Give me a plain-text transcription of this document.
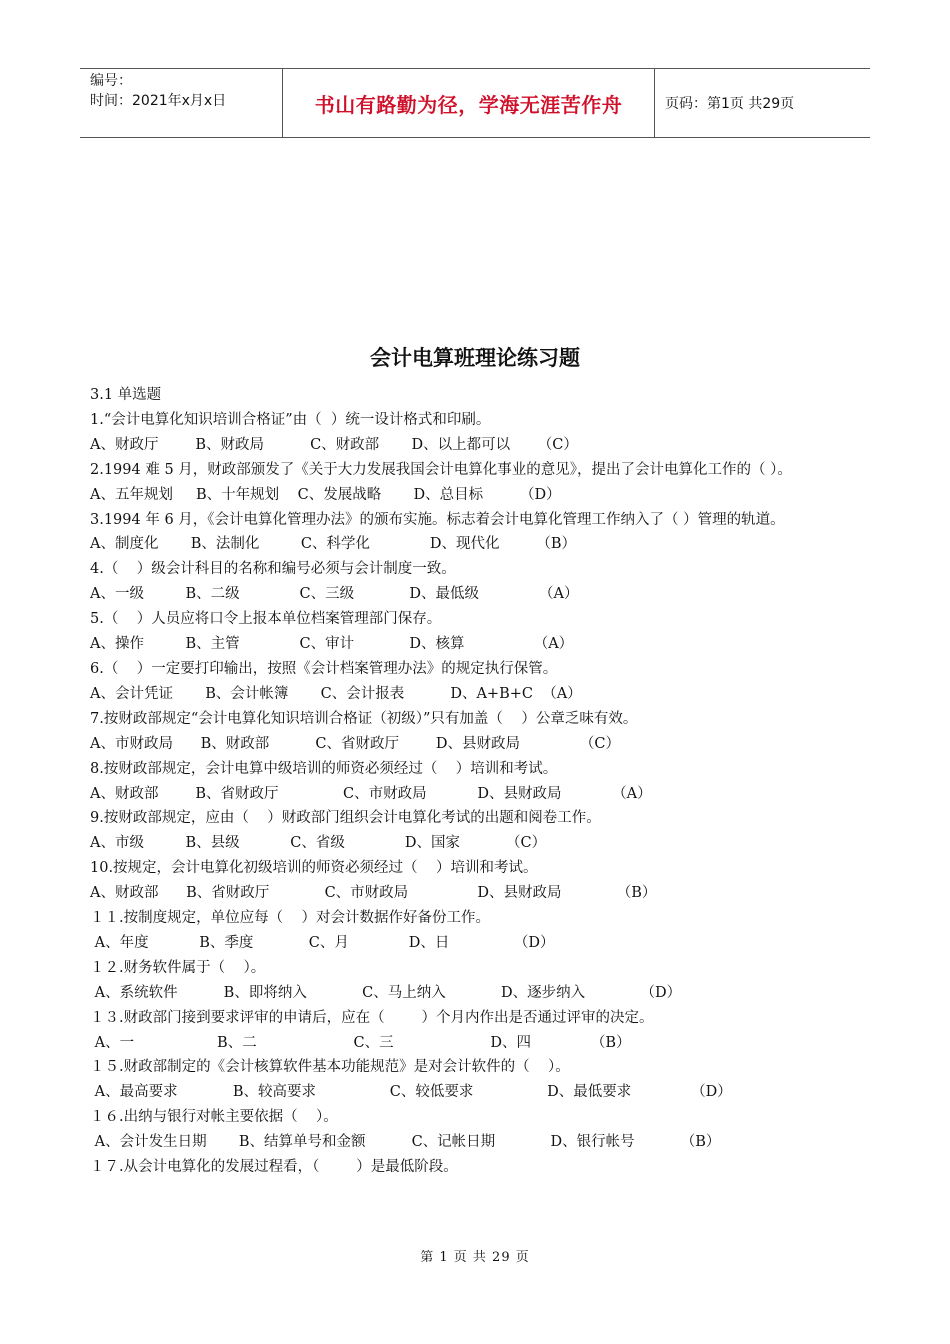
编号：
时间：2021年x月x日	书山有路勤为径，学海无涯苦作舟	页码：第1页 共29页
会计电算班理论练习题

3.1 单选题

1.“会计电算化知识培训合格证”由（  ）统一设计格式和印刷。

A、财政厅        B、财政局          C、财政部       D、以上都可以      （C）

2.1994 难 5 月，财政部颁发了《关于大力发展我国会计电算化事业的意见》，提出了会计电算化工作的（ ）。

A、五年规划     B、十年规划    C、发展战略       D、总目标        （D）

3.1994 年 6 月，《会计电算化管理办法》的颁布实施。标志着会计电算化管理工作纳入了（ ）管理的轨道。

A、制度化       B、法制化         C、科学化             D、现代化        （B）

4.（    ）级会计科目的名称和编号必须与会计制度一致。

A、一级         B、二级             C、三级            D、最低级             （A）

5.（    ）人员应将口令上报本单位档案管理部门保存。

A、操作         B、主管             C、审计            D、核算               （A）

6.（    ）一定要打印输出，按照《会计档案管理办法》的规定执行保管。

A、会计凭证       B、会计帐簿       C、会计报表          D、A+B+C  （A）

7.按财政部规定“会计电算化知识培训合格证（初级）”只有加盖（    ）公章乏味有效。

A、市财政局      B、财政部          C、省财政厅        D、县财政局             （C）

8.按财政部规定，会计电算中级培训的师资必须经过（    ）培训和考试。

A、财政部        B、省财政厅              C、市财政局           D、县财政局           （A）

9.按财政部规定，应由（    ）财政部门组织会计电算化考试的出题和阅卷工作。

A、市级         B、县级           C、省级             D、国家          （C）

10.按规定，会计电算化初级培训的师资必须经过（    ）培训和考试。

A、财政部      B、省财政厅            C、市财政局               D、县财政局            （B）

１１.按制度规定，单位应每（    ）对会计数据作好备份工作。

A、年度           B、季度            C、月             D、日              （D）

１２.财务软件属于（    ）。

A、系统软件          B、即将纳入            C、马上纳入            D、逐步纳入            （D）

１３.财政部门接到要求评审的申请后，应在（        ）个月内作出是否通过评审的决定。

A、一                  B、二                     C、三                     D、四             （B）

１５.财政部制定的《会计核算软件基本功能规范》是对会计软件的（    ）。

A、最高要求            B、较高要求                C、较低要求                D、最低要求             （D）

１６.出纳与银行对帐主要依据（    ）。

A、会计发生日期       B、结算单号和金额          C、记帐日期            D、银行帐号          （B）

１７.从会计电算化的发展过程看，（        ）是最低阶段。

第 1 页 共 29 页
